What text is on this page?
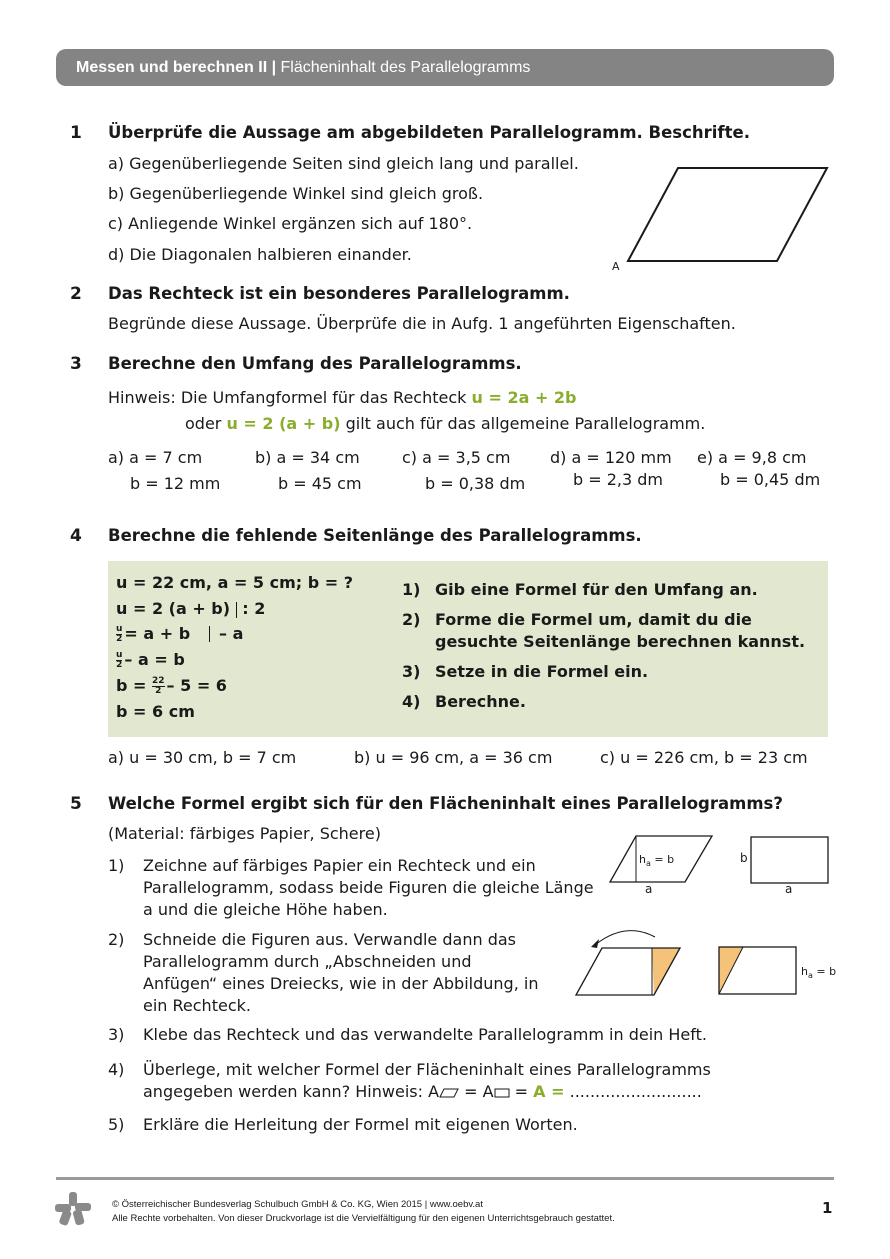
Messen und berechnen II | Flächeninhalt des Parallelogramms
1 Überprüfe die Aussage am abgebildeten Parallelogramm. Beschrifte.
a) Gegenüberliegende Seiten sind gleich lang und parallel.
b) Gegenüberliegende Winkel sind gleich groß.
c) Anliegende Winkel ergänzen sich auf 180°.
d) Die Diagonalen halbieren einander.
A
2 Das Rechteck ist ein besonderes Parallelogramm.
Begründe diese Aussage. Überprüfe die in Aufg. 1 angeführten Eigenschaften.
3 Berechne den Umfang des Parallelogramms.
Hinweis: Die Umfangformel für das Rechteck u = 2a + 2b
oder u = 2 (a + b) gilt auch für das allgemeine Parallelogramm.
a) a = 7 cm
b = 12 mm
b) a = 34 cm
b = 45 cm
c) a = 3,5 cm
b = 0,38 dm
d) a = 120 mm
b = 2,3 dm
e) a = 9,8 cm
b = 0,45 dm
4 Berechne die fehlende Seitenlänge des Parallelogramms.
u = 22 cm, a = 5 cm; b = ?
u = 2 (a + b) : 2
$\frac{u}{2} = a + b - a$
$\frac{u}{2} - a = b$
$b = \frac{22}{2} - 5 = 6$
b = 6 cm
1) Gib eine Formel für den Umfang an.
2) Forme die Formel um, damit du die
gesuchte Seitenlänge berechnen kannst.
3) Setze in die Formel ein.
4) Berechne.
a) u = 30 cm, b = 7 cm	b) u = 96 cm, a = 36 cm	c) u = 226 cm, b = 23 cm
5 Welche Formel ergibt sich für den Flächeninhalt eines Parallelogramms?
(Material: färbiges Papier, Schere)
1) Zeichne auf färbiges Papier ein Rechteck und ein
Parallelogramm, sodass beide Figuren die gleiche Länge
a und die gleiche Höhe haben.
2) Schneide die Figuren aus. Verwandle dann das
Parallelogramm durch „Abschneiden und
Anfügen“ eines Dreiecks, wie in der Abbildung, in
ein Rechteck.
3) Klebe das Rechteck und das verwandelte Parallelogramm in dein Heft.
4) Überlege, mit welcher Formel der Flächeninhalt eines Parallelogramms
angegeben werden kann? Hinweis: A = A = A = ..........................
5) Erkläre die Herleitung der Formel mit eigenen Worten.
$h_a = b$
a
b
a
$h_a = b$
© Österreichischer Bundesverlag Schulbuch GmbH & Co. KG, Wien 2015 | www.oebv.at
Alle Rechte vorbehalten. Von dieser Druckvorlage ist die Vervielfältigung für den eigenen Unterrichtsgebrauch gestattet.
1
